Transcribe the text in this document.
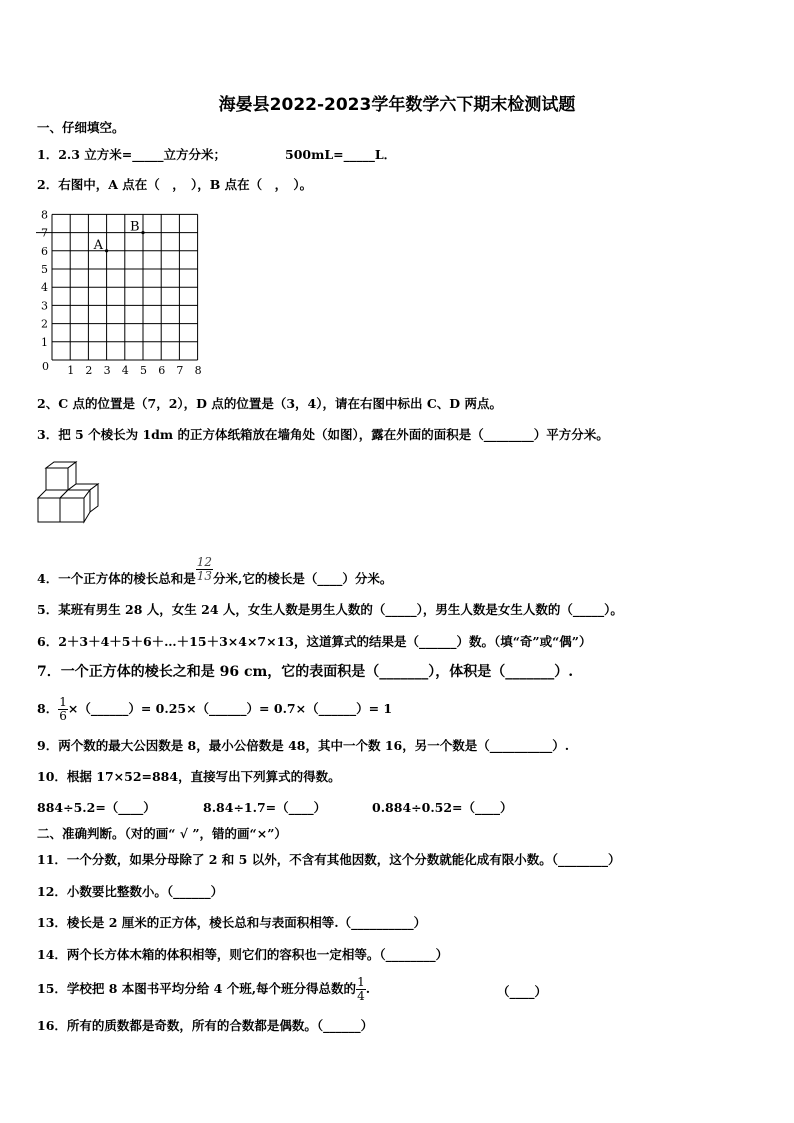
海晏县2022-2023学年数学六下期末检测试题
一、仔细填空。
1．2.3 立方米=_____立方分米；	500mL=_____L．
2．右图中，A 点在（　，　），B 点在（　，　）。
8
7
6
5
4
3
2
1
0 1 2 3 4 5 6 7 8
A
B
2、C 点的位置是（7，2），D 点的位置是（3，4），请在右图中标出 C、D 两点。
3．把 5 个棱长为 1dm 的正方体纸箱放在墙角处（如图），露在外面的面积是（________）平方分米。
4．一个正方体的棱长总和是 $\frac{12}{13}$ 分米,它的棱长是（____）分米。
5．某班有男生 28 人，女生 24 人，女生人数是男生人数的（_____），男生人数是女生人数的（_____）。
6．2＋3＋4＋5＋6＋…＋15＋3×4×7×13，这道算式的结果是（______）数。（填“奇”或“偶”）
7．一个正方体的棱长之和是 96 cm，它的表面积是（_______），体积是（_______）.
8． $\frac{1}{6}$ ×（______）= 0.25×（______）= 0.7×（______）= 1
9．两个数的最大公因数是 8，最小公倍数是 48，其中一个数 16，另一个数是（__________）.
10．根据 17×52=884，直接写出下列算式的得数。
884÷5.2=（____）	8.84÷1.7=（____）	0.884÷0.52=（____）
二、准确判断。（对的画“ √ ”，错的画“×”）
11．一个分数，如果分母除了 2 和 5 以外，不含有其他因数，这个分数就能化成有限小数。（________）
12．小数要比整数小。（______）
13．棱长是 2 厘米的正方体，棱长总和与表面积相等.（__________）
14．两个长方体木箱的体积相等，则它们的容积也一定相等。（________）
15．学校把 8 本图书平均分给 4 个班,每个班分得总数的 $\frac{1}{4}$ .	（____）
16．所有的质数都是奇数，所有的合数都是偶数。（______）
